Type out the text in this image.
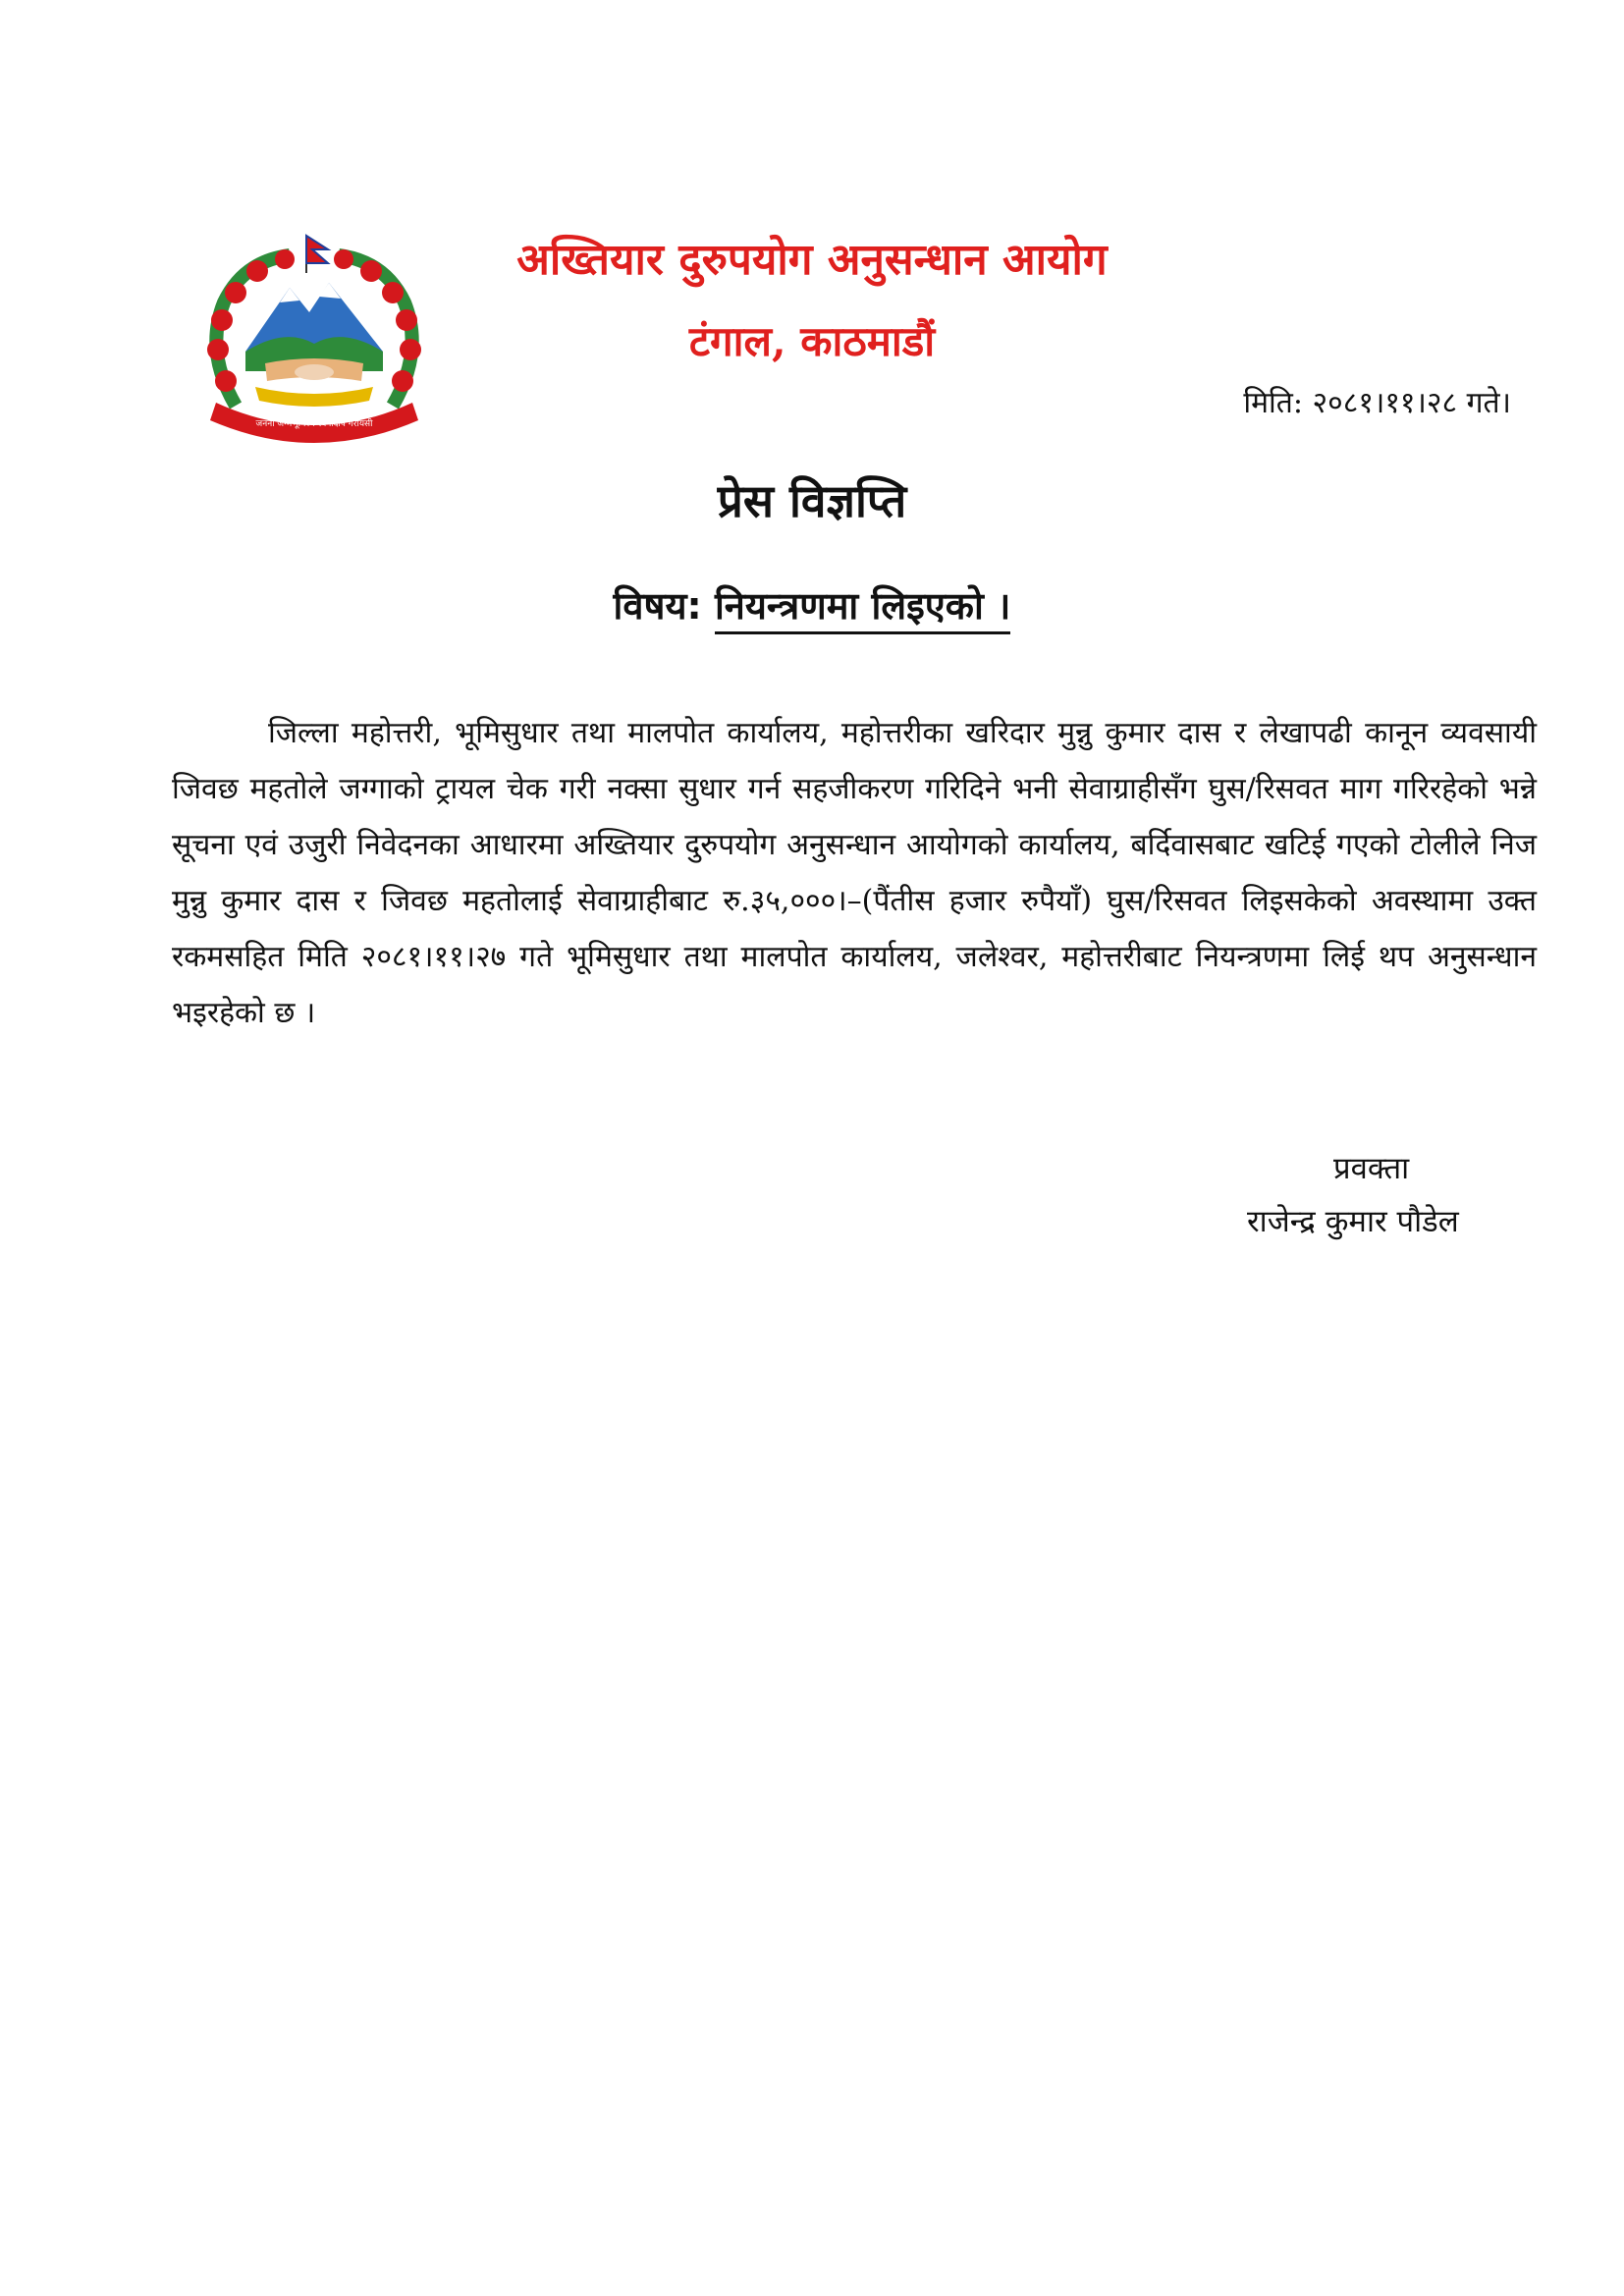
जननी जन्मभूमिश्च स्वर्गादपि गरीयसी
अख्तियार दुरुपयोग अनुसन्धान आयोग
टंगाल, काठमाडौं
मिति: २०८१।११।२८ गते।
प्रेस विज्ञप्ति
विषय: नियन्त्रणमा लिइएको ।
जिल्ला महोत्तरी, भूमिसुधार तथा मालपोत कार्यालय, महोत्तरीका खरिदार मुन्नु कुमार दास र लेखापढी कानून व्यवसायी जिवछ महतोले जग्गाको ट्रायल चेक गरी नक्सा सुधार गर्न सहजीकरण गरिदिने भनी सेवाग्राहीसँग घुस/रिसवत माग गरिरहेको भन्ने सूचना एवं उजुरी निवेदनका आधारमा अख्तियार दुरुपयोग अनुसन्धान आयोगको कार्यालय, बर्दिवासबाट खटिई गएको टोलीले निज मुन्नु कुमार दास र जिवछ महतोलाई सेवाग्राहीबाट रु.३५,०००।–(पैंतीस हजार रुपैयाँ) घुस/रिसवत लिइसकेको अवस्थामा उक्त रकमसहित मिति २०८१।११।२७ गते भूमिसुधार तथा मालपोत कार्यालय, जलेश्वर, महोत्तरीबाट नियन्त्रणमा लिई थप अनुसन्धान भइरहेको छ ।
प्रवक्ता
राजेन्द्र कुमार पौडेल
